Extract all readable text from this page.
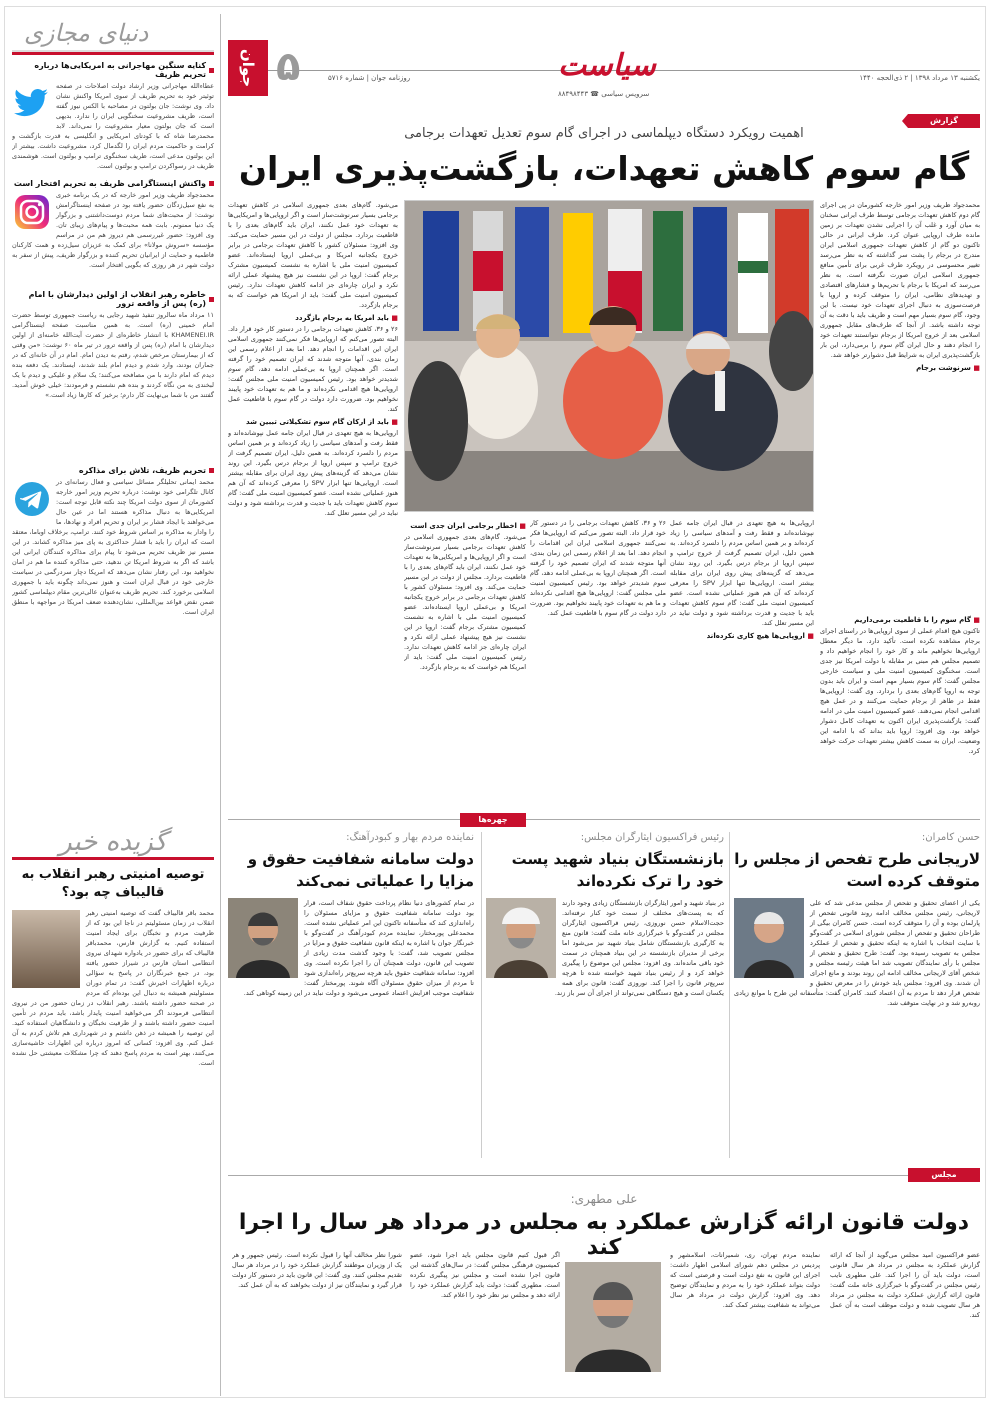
دنیای مجازی
کنایه سنگین مهاجرانی به امریکایی‌ها درباره تحریم ظریف
عطاءالله مهاجرانی وزیر ارشاد دولت اصلاحات در صفحه توئیتر خود به تحریم ظریف از سوی امریکا واکنش نشان داد. وی نوشت: جان بولتون در مصاحبه با الکس نیوز گفته است، ظریف مشروعیت سخنگویی ایران را ندارد. بدیهی است که جان بولتون معیار مشروعیت را نمی‌داند. لابد محمدرضا شاه که با کودتای امریکایی و انگلیسی به قدرت بازگشت و کرامت و حاکمیت مردم ایران را لگدمال کرد، مشروعیت داشت. بیشتر از این بولتون مدعی است، ظریف سخنگوی ترامپ و بولتون است. هوشمندی ظریف در رسواکردن ترامپ و بولتون است.
واکنش اینستاگرامی ظریف به تحریم افتخار است
محمدجواد ظریف وزیر امور خارجه که در یک برنامه خبری به نفع سیل‌زدگان حضور یافته بود در صفحه اینستاگرامش نوشت: از محبت‌های شما مردم دوست‌داشتنی و بزرگوار یک دنیا ممنونم. بابت همه محبت‌ها و پیام‌های زیبای تان. وی افزود: حضور غیررسمی هم دیروز هم من در مراسم مؤسسه «سروش مولانا» برای کمک به عزیزان سیل‌زده و همت کارکنان فاطمیه و حمایت از ایرانیان تحریم کننده و بزرگوار ظریف، پیش از سفر به دولت شهر در هر روزی که بگویی افتخار است.
خاطره رهبر انقلاب از اولین دیدارشان با امام (ره) پس از واقعه ترور
۱۱ مرداد ماه سالروز تنفیذ شهید رجایی به ریاست جمهوری توسط حضرت امام خمینی (ره) است. به همین مناسبت صفحه اینستاگرامی KHAMENEI.IR با انتشار خاطره‌ای از حضرت آیت‌الله خامنه‌ای از اولین دیدارشان با امام (ره) پس از واقعه ترور در تیر ماه ۶۰ نوشت: «من وقتی که از بیمارستان مرخص شدم، رفتم به دیدن امام. امام در آن خانه‌ای که در جماران بودند، وارد شدم و دیدم امام بلند شدند، ایستادند. یک دفعه بنده دیدم که امام دارند با من مصافحه می‌کنند؛ یک سلام و علیکی و دیدم با یک لبخندی به من نگاه کردند و بنده هم نشستم و فرمودند: خیلی خوش آمدید. گفتند من با شما بی‌نهایت کار دارم؛ برخیز که کارها زیاد است.»
تحریم ظریف، تلاش برای مذاکره
محمد ایمانی تحلیلگر مسائل سیاسی و فعال رسانه‌ای در کانال تلگرامی خود نوشت: درباره تحریم وزیر امور خارجه کشورمان از سوی دولت امریکا چند نکته قابل توجه است: امریکایی‌ها به دنبال مذاکره هستند اما در عین حال می‌خواهند با ایجاد فشار بر ایران و تحریم افراد و نهادها، ما را وادار به مذاکره بر اساس شروط خود کنند. ترامپ، برخلاف اوباما، معتقد است که ایران را باید با فشار حداکثری به پای میز مذاکره کشاند. در این مسیر نیز ظریف تحریم می‌شود تا پیام برای مذاکره کنندگان ایرانی این باشد که اگر به شروط امریکا تن ندهید، حتی مذاکره کننده ما هم در امان نخواهید بود. این رفتار نشان می‌دهد که امریکا دچار سردرگمی در سیاست خارجی خود در قبال ایران است و هنوز نمی‌داند چگونه باید با جمهوری اسلامی برخورد کند. تحریم ظریف به‌عنوان عالی‌ترین مقام دیپلماسی کشور ضمن نقض قواعد بین‌المللی، نشان‌دهنده ضعف امریکا در مواجهه با منطق ایران است.
گزیده خبر
توصیه امنیتی رهبر انقلاب به قالیباف چه بود؟
محمد باقر قالیباف گفت که توصیه امنیتی رهبر انقلاب در زمان مسئولیتم در ناجا این بود که از ظرفیت مردم و نخبگان برای ایجاد امنیت استفاده کنیم. به گزارش فارس، محمدباقر قالیباف که برای حضور در یادواره شهدای نیروی انتظامی استان فارس در شیراز حضور یافته بود، در جمع خبرنگاران در پاسخ به سؤالی درباره اظهارات اخیرش گفت: در تمام دوران مسئولیتم همیشه به دنبال این بوده‌ام که مردم در صحنه حضور داشته باشند. رهبر انقلاب در زمان حضور من در نیروی انتظامی فرمودند اگر می‌خواهید امنیت پایدار باشد، باید مردم در تأمین امنیت حضور داشته باشند و از ظرفیت نخبگان و دانشگاهیان استفاده کنید. این توصیه را همیشه در ذهن داشتم و در شهرداری هم تلاش کردم به آن عمل کنم. وی افزود: کسانی که امروز درباره این اظهارات حاشیه‌سازی می‌کنند، بهتر است به مردم پاسخ دهند که چرا مشکلات معیشتی حل نشده است.
جوان ۵	روزنامه جوان | شماره ۵۷۱۶	سیاست
سرویس سیاسی ☎ ۸۸۴۹۸۴۴۳
یکشنبه ۱۳ مرداد ۱۳۹۸ | ۲ ذی‌الحجه ۱۴۴۰
گزارش
اهمیت رویکرد دستگاه دیپلماسی در اجرای گام سوم تعدیل تعهدات برجامی
گام سوم کاهش تعهدات، بازگشت‌پذیری ایران
محمدجواد ظریف وزیر امور خارجه کشورمان در پی اجرای گام دوم کاهش تعهدات برجامی توسط طرف ایرانی سخنان به میان آورد و غلب آن را اجرایی نشدن تعهدات بر زمین مانده طرف اروپایی عنوان کرد. طرف ایرانی در حالی تاکنون دو گام از کاهش تعهدات جمهوری اسلامی ایران مندرج در برجام را پشت سر گذاشته که به نظر می‌رسد تغییر محسوسی در رویکرد طرف غربی برای تأمین منافع جمهوری اسلامی ایران صورت نگرفته است. به نظر می‌رسد که امریکا با برجام با تحریم‌ها و فشارهای اقتصادی و تهدیدهای نظامی، ایران را متوقف کرده و اروپا با فرصت‌سوزی به دنبال اجرای تعهدات خود نیست. با این وجود، گام سوم بسیار مهم است و ظریف باید با دقت به آن توجه داشته باشد. از آنجا که طرف‌های مقابل جمهوری اسلامی بعد از خروج امریکا از برجام نتوانستند تعهدات خود را انجام دهند و حال ایران گام سوم را برمی‌دارد، این بار بازگشت‌پذیری ایران به شرایط قبل دشوارتر خواهد شد.
■ سرنوشت برجام
■ گام سوم را با قاطعیت برمی‌داریم
تاکنون هیچ اقدام عملی از سوی اروپایی‌ها در راستای اجرای برجام مشاهده نکرده است. تأکید دارد. ما دیگر معطل اروپایی‌ها نخواهیم ماند و کار خود را انجام خواهیم داد و تصمیم مجلس هم مبنی بر مقابله با دولت امریکا نیز جدی است. سخنگوی کمیسیون امنیت ملی و سیاست خارجی مجلس گفت: گام سوم بسیار مهم است و ایران باید بدون توجه به اروپا گام‌های بعدی را بردارد. وی گفت: اروپایی‌ها فقط در ظاهر از برجام حمایت می‌کنند و در عمل هیچ اقدامی انجام نمی‌دهند. عضو کمیسیون امنیت ملی در ادامه گفت: بازگشت‌پذیری ایران اکنون به تعهدات کامل دشوار خواهد بود. وی افزود: اروپا باید بداند که با ادامه این وضعیت، ایران به سمت کاهش بیشتر تعهدات حرکت خواهد کرد.
اروپایی‌ها به هیچ تعهدی در قبال ایران جامه عمل نپوشانده‌اند و فقط رفت و آمدهای سیاسی را زیاد کرده‌اند و بر همین اساس مردم را دلسرد کرده‌اند. به همین دلیل، ایران تصمیم گرفت از خروج ترامپ و سپس اروپا از برجام درس بگیرد. این روند نشان می‌دهد که گزینه‌های پیش روی ایران برای مقابله بیشتر است. اروپایی‌ها تنها ابزار SPV را معرفی کرده‌اند که آن هم هنوز عملیاتی نشده است. عضو کمیسیون امنیت ملی گفت: گام سوم کاهش تعهدات باید با جدیت و قدرت برداشته شود و دولت نباید در این مسیر تعلل کند.
■ اروپایی‌ها هیچ کاری نکرده‌اند
۲۶ و ۳۶، کاهش تعهدات برجامی را در دستور کار خود قرار داد. البته تصور می‌کنم که اروپایی‌ها فکر نمی‌کنند جمهوری اسلامی ایران این اقدامات را انجام دهد. اما بعد از اعلام رسمی این زمان بندی، آنها متوجه شدند که ایران تصمیم خود را گرفته است. اگر همچنان اروپا به بی‌عملی ادامه دهد، گام سوم شدیدتر خواهد بود. رئیس کمیسیون امنیت ملی مجلس گفت: اروپایی‌ها هیچ اقدامی نکرده‌اند و ما هم به تعهدات خود پایبند نخواهیم بود. ضرورت دارد دولت در گام سوم با قاطعیت عمل کند.
■ اخطار برجامی ایران جدی است
می‌شود. گام‌های بعدی جمهوری اسلامی در کاهش تعهدات برجامی بسیار سرنوشت‌ساز است و اگر اروپایی‌ها و امریکایی‌ها به تعهدات خود عمل نکنند، ایران باید گام‌های بعدی را با قاطعیت بردارد. مجلس از دولت در این مسیر حمایت می‌کند. وی افزود: مسئولان کشور با کاهش تعهدات برجامی در برابر خروج یکجانبه امریکا و بی‌عملی اروپا ایستاده‌اند. عضو کمیسیون امنیت ملی با اشاره به نشست کمیسیون مشترک برجام گفت: اروپا در این نشست نیز هیچ پیشنهاد عملی ارائه نکرد و ایران چاره‌ای جز ادامه کاهش تعهدات ندارد. رئیس کمیسیون امنیت ملی گفت: باید از امریکا هم خواست که به برجام بازگردد.
می‌شود. گام‌های بعدی جمهوری اسلامی در کاهش تعهدات برجامی بسیار سرنوشت‌ساز است و اگر اروپایی‌ها و امریکایی‌ها به تعهدات خود عمل نکنند، ایران باید گام‌های بعدی را با قاطعیت بردارد. مجلس از دولت در این مسیر حمایت می‌کند. وی افزود: مسئولان کشور با کاهش تعهدات برجامی در برابر خروج یکجانبه امریکا و بی‌عملی اروپا ایستاده‌اند. عضو کمیسیون امنیت ملی با اشاره به نشست کمیسیون مشترک برجام گفت: اروپا در این نشست نیز هیچ پیشنهاد عملی ارائه نکرد و ایران چاره‌ای جز ادامه کاهش تعهدات ندارد. رئیس کمیسیون امنیت ملی گفت: باید از امریکا هم خواست که به برجام بازگردد.
■ باید امریکا به برجام بازگردد
۲۶ و ۳۶، کاهش تعهدات برجامی را در دستور کار خود قرار داد. البته تصور می‌کنم که اروپایی‌ها فکر نمی‌کنند جمهوری اسلامی ایران این اقدامات را انجام دهد. اما بعد از اعلام رسمی این زمان بندی، آنها متوجه شدند که ایران تصمیم خود را گرفته است. اگر همچنان اروپا به بی‌عملی ادامه دهد، گام سوم شدیدتر خواهد بود. رئیس کمیسیون امنیت ملی مجلس گفت: اروپایی‌ها هیچ اقدامی نکرده‌اند و ما هم به تعهدات خود پایبند نخواهیم بود. ضرورت دارد دولت در گام سوم با قاطعیت عمل کند.
■ باید از ارکان گام سوم تشکیلاتی تببین شد
اروپایی‌ها به هیچ تعهدی در قبال ایران جامه عمل نپوشانده‌اند و فقط رفت و آمدهای سیاسی را زیاد کرده‌اند و بر همین اساس مردم را دلسرد کرده‌اند. به همین دلیل، ایران تصمیم گرفت از خروج ترامپ و سپس اروپا از برجام درس بگیرد. این روند نشان می‌دهد که گزینه‌های پیش روی ایران برای مقابله بیشتر است. اروپایی‌ها تنها ابزار SPV را معرفی کرده‌اند که آن هم هنوز عملیاتی نشده است. عضو کمیسیون امنیت ملی گفت: گام سوم کاهش تعهدات باید با جدیت و قدرت برداشته شود و دولت نباید در این مسیر تعلل کند.
چهره‌ها
حسن کامران:
لاریجانی طرح تفحص از مجلس را متوقف کرده است
یکی از اعضای تحقیق و تفحص از مجلس مدعی شد که علی لاریجانی، رئیس مجلس مخالف ادامه روند قانونی تفحص از پارلمان بوده و آن را متوقف کرده است. حسن کامران بیگی از طراحان تحقیق و تفحص از مجلس شورای اسلامی در گفت‌وگو با سایت انتخاب با اشاره به اینکه تحقیق و تفحص از عملکرد مجلس به تصویب رسیده بود، گفت: طرح تحقیق و تفحص از مجلس با رأی نمایندگان تصویب شد اما هیئت رئیسه مجلس و شخص آقای لاریجانی مخالف ادامه این روند بودند و مانع اجرای آن شدند. وی افزود: مجلس باید خودش را در معرض تحقیق و تفحص قرار دهد تا مردم به آن اعتماد کنند. کامران گفت: متأسفانه این طرح با موانع زیادی روبه‌رو شد و در نهایت متوقف شد.
رئیس فراکسیون ایثارگران مجلس:
بازنشستگان بنیاد شهید پست خود را ترک نکرده‌اند
در بنیاد شهید و امور ایثارگران بازنشستگان زیادی وجود دارند که به پست‌های مختلف از سمت خود کنار نرفته‌اند. حجت‌الاسلام حسن نوروزی، رئیس فراکسیون ایثارگران مجلس در گفت‌وگو با خبرگزاری خانه ملت گفت: قانون منع به کارگیری بازنشستگان شامل بنیاد شهید نیز می‌شود اما برخی از مدیران بازنشسته در این بنیاد همچنان در سمت خود باقی مانده‌اند. وی افزود: مجلس این موضوع را پیگیری خواهد کرد و از رئیس بنیاد شهید خواسته شده تا هرچه سریع‌تر قانون را اجرا کند. نوروزی گفت: قانون برای همه یکسان است و هیچ دستگاهی نمی‌تواند از اجرای آن سر باز زند.
نماینده مردم بهار و کبودرآهنگ:
دولت سامانه شفافیت حقوق و مزایا را عملیاتی نمی‌کند
در تمام کشورهای دنیا نظام پرداخت حقوق شفاف است، قرار بود دولت سامانه شفافیت حقوق و مزایای مسئولان را راه‌اندازی کند که متأسفانه تاکنون این امر عملیاتی نشده است. محمدعلی پورمختار، نماینده مردم کبودرآهنگ در گفت‌وگو با خبرنگار جوان با اشاره به اینکه قانون شفافیت حقوق و مزایا در مجلس تصویب شد، گفت: با وجود گذشت مدت زیادی از تصویب این قانون، دولت همچنان آن را اجرا نکرده است. وی افزود: سامانه شفافیت حقوق باید هرچه سریع‌تر راه‌اندازی شود تا مردم از میزان حقوق مسئولان آگاه شوند. پورمختار گفت: شفافیت موجب افزایش اعتماد عمومی می‌شود و دولت نباید در این زمینه کوتاهی کند.
مجلس
علی مطهری:
دولت قانون ارائه گزارش عملکرد به مجلس در مرداد هر سال را اجرا کند	عضو فراکسیون امید مجلس می‌گوید از آنجا که ارائه گزارش عملکرد به مجلس در مرداد هر سال قانونی است، دولت باید آن را اجرا کند. علی مطهری نایب رئیس مجلس در گفت‌وگو با خبرگزاری خانه ملت گفت: قانون ارائه گزارش عملکرد دولت به مجلس در مرداد هر سال تصویب شده و دولت موظف است به آن عمل کند.
نماینده مردم تهران، ری، شمیرانات، اسلامشهر و پردیس در مجلس دهم شورای اسلامی اظهار داشت: اجرای این قانون به نفع دولت است و فرصتی است که دولت بتواند عملکرد خود را به مردم و نمایندگان توضیح دهد. وی افزود: گزارش دولت در مرداد هر سال می‌تواند به شفافیت بیشتر کمک کند.
اگر قبول کنیم قانون مجلس باید اجرا شود، عضو کمیسیون فرهنگی مجلس گفت: در سال‌های گذشته این قانون اجرا نشده است و مجلس نیز پیگیری نکرده است. مطهری گفت: دولت باید گزارش عملکرد خود را ارائه دهد و مجلس نیز نظر خود را اعلام کند.
شورا نظر مخالف آنها را قبول نکرده است. رئیس جمهور و هر یک از وزیران موظفند گزارش عملکرد خود را در مرداد هر سال تقدیم مجلس کنند. وی گفت: این قانون باید در دستور کار دولت قرار گیرد و نمایندگان نیز از دولت بخواهند که به آن عمل کند.
